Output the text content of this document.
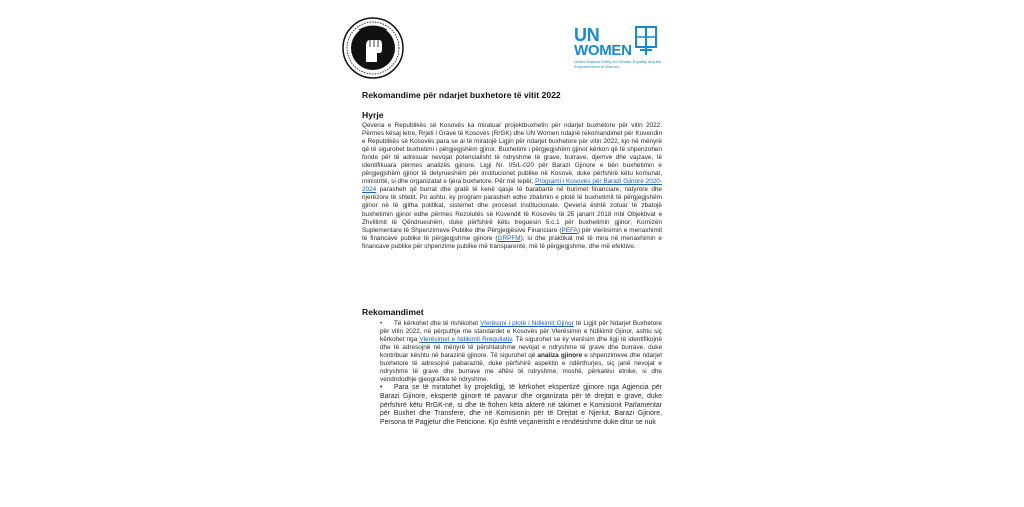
UN
WOMEN
United Nations Entity for Gender Equality and the Empowerment of Women
Rekomandime për ndarjet buxhetore të vitit 2022
Hyrje
Qeveria e Republikës së Kosovës ka miratuar projektbuxhetin për ndarjet buxhetore për vitin 2022. Përmes kësaj letre, Rrjeti i Grave të Kosovës (RrGK) dhe UN Women ndajnë rekomandimet për Kuvendin e Republikës së Kosovës para se ai të miratojë Ligjin për ndarjet buxhetore për vitin 2022, kjo në mënyrë që të sigurohet buxhetimi i përgjegjshëm gjinor. Buxhetimi i përgjegjshëm gjinor kërkon që të shpenzohen fonde për të adresuar nevojat potencialisht të ndryshme të grave, burrave, djemve dhe vajzave, të identifikuara përmes analizës gjinore. Ligji Nr. 05/L-020 për Barazi Gjinore e bën buxhetimin e përgjegjshëm gjinor të detyrueshëm për institucionet publike në Kosovë, duke përfshirë këtu komunat, ministritë, si dhe organizatat e tjera buxhetore. Për më tepër, Programi i Kosovës për Barazi Gjinore 2020-2024 parasheh që burrat dhe gratë të kenë qasje të barabartë në burimet financiare, natyrore dhe njerëzore të shtetit. Po ashtu, ky program parasheh edhe zbatimin e plotë të buxhetimit të përgjegjshëm gjinor në të gjitha politikat, sistemet dhe proceset institucionale. Qeveria është zotuar të zbatojë buxhetimin gjinor edhe përmes Rezolutës së Kuvendit të Kosovës të 25 janarit 2018 mbi Objektivat e Zhvillimit të Qëndrueshëm, duke përfshirë këtu treguesin 5.c.1 për buxhetimin gjinor; Kornizën Suplementare të Shpenzimeve Publike dhe Përgjegjësive Financiare (PEFA) për vlerësimin e menaxhimit të financave publike të përgjegjshme gjinore (GRPFM); si dhe praktikat më të mira në menaxhimin e financave publike për shpenzime publike më transparente, më të përgjegjshme, dhe më efektive.
Rekomandimet
• Të kërkohet dhe të rishikohet Vlerësimi i plotë i Ndikimit Gjinor të Ligjit për Ndarjet Buxhetore për vitin 2022, në përputhje me standardet e Kosovës për Vlerësimin e Ndikimit Gjinor, ashtu siç kërkohet nga Vlerësimet e Ndikimit Rregullativ. Të sigurohet se ky vlerësim dhe ligji të identifikojnë dhe të adresojnë në mënyrë të përshtatshme nevojat e ndryshme të grave dhe burrave, duke kontribuar kështu në barazinë gjinore. Të sigurohet që analiza gjinore e shpenzimeve dhe ndarjet buxhetore të adresojnë pabarazitë, duke përfshirë aspektin e ndërthurjes, siç janë nevojat e ndryshme të grave dhe burrave me aftësi të ndryshme, moshë, përkatësi etnike, si dhe vendndodhje gjeografike të ndryshme.
• Para se të miratohet ky projektligj, të kërkohet ekspertizë gjinore nga Agjencia për Barazi Gjinore, ekspertë gjinorë të pavarur dhe organizata për të drejtat e grave, duke përfshirë këtu RrGK-në, si dhe të ftohen këta akterë në takimet e Komisionit Parlamentar për Buxhet dhe Transfere, dhe në Komisionin për të Drejtat e Njeriut, Barazi Gjinore, Persona të Pagjetur dhe Peticione. Kjo është veçanërisht e rëndësishme duke ditur se nuk
